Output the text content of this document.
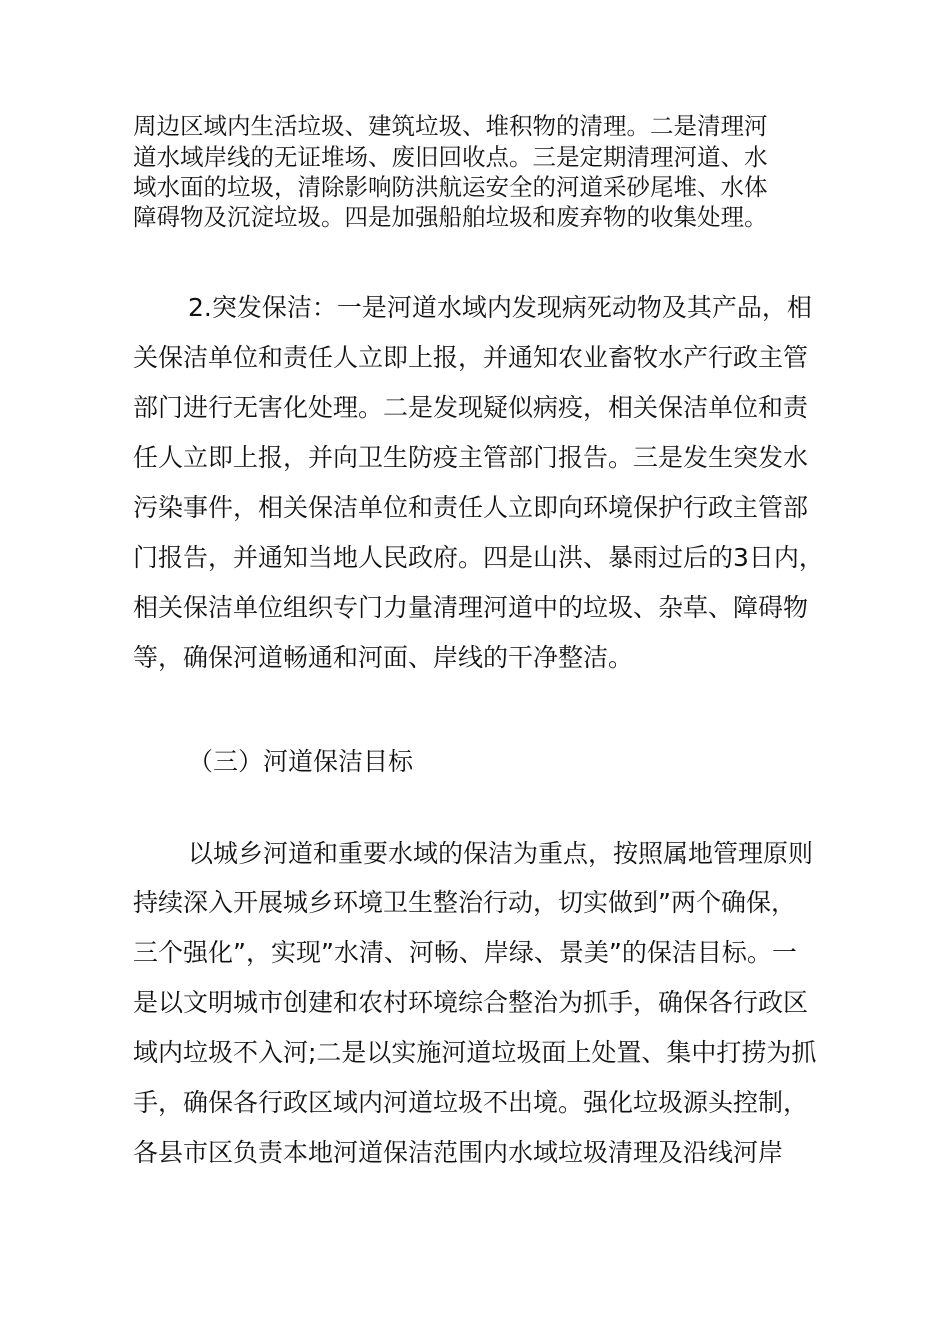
周边区域内生活垃圾、建筑垃圾、堆积物的清理。二是清理河
道水域岸线的无证堆场、废旧回收点。三是定期清理河道、水
域水面的垃圾，清除影响防洪航运安全的河道采砂尾堆、水体
障碍物及沉淀垃圾。四是加强船舶垃圾和废弃物的收集处理。
2.突发保洁：一是河道水域内发现病死动物及其产品，相
关保洁单位和责任人立即上报，并通知农业畜牧水产行政主管
部门进行无害化处理。二是发现疑似病疫，相关保洁单位和责
任人立即上报，并向卫生防疫主管部门报告。三是发生突发水
污染事件，相关保洁单位和责任人立即向环境保护行政主管部
门报告，并通知当地人民政府。四是山洪、暴雨过后的3日内，
相关保洁单位组织专门力量清理河道中的垃圾、杂草、障碍物
等，确保河道畅通和河面、岸线的干净整洁。
（三）河道保洁目标
以城乡河道和重要水域的保洁为重点，按照属地管理原则
持续深入开展城乡环境卫生整治行动，切实做到”两个确保，
三个强化”，实现”水清、河畅、岸绿、景美”的保洁目标。一
是以文明城市创建和农村环境综合整治为抓手，确保各行政区
域内垃圾不入河;二是以实施河道垃圾面上处置、集中打捞为抓
手，确保各行政区域内河道垃圾不出境。强化垃圾源头控制，
各县市区负责本地河道保洁范围内水域垃圾清理及沿线河岸
